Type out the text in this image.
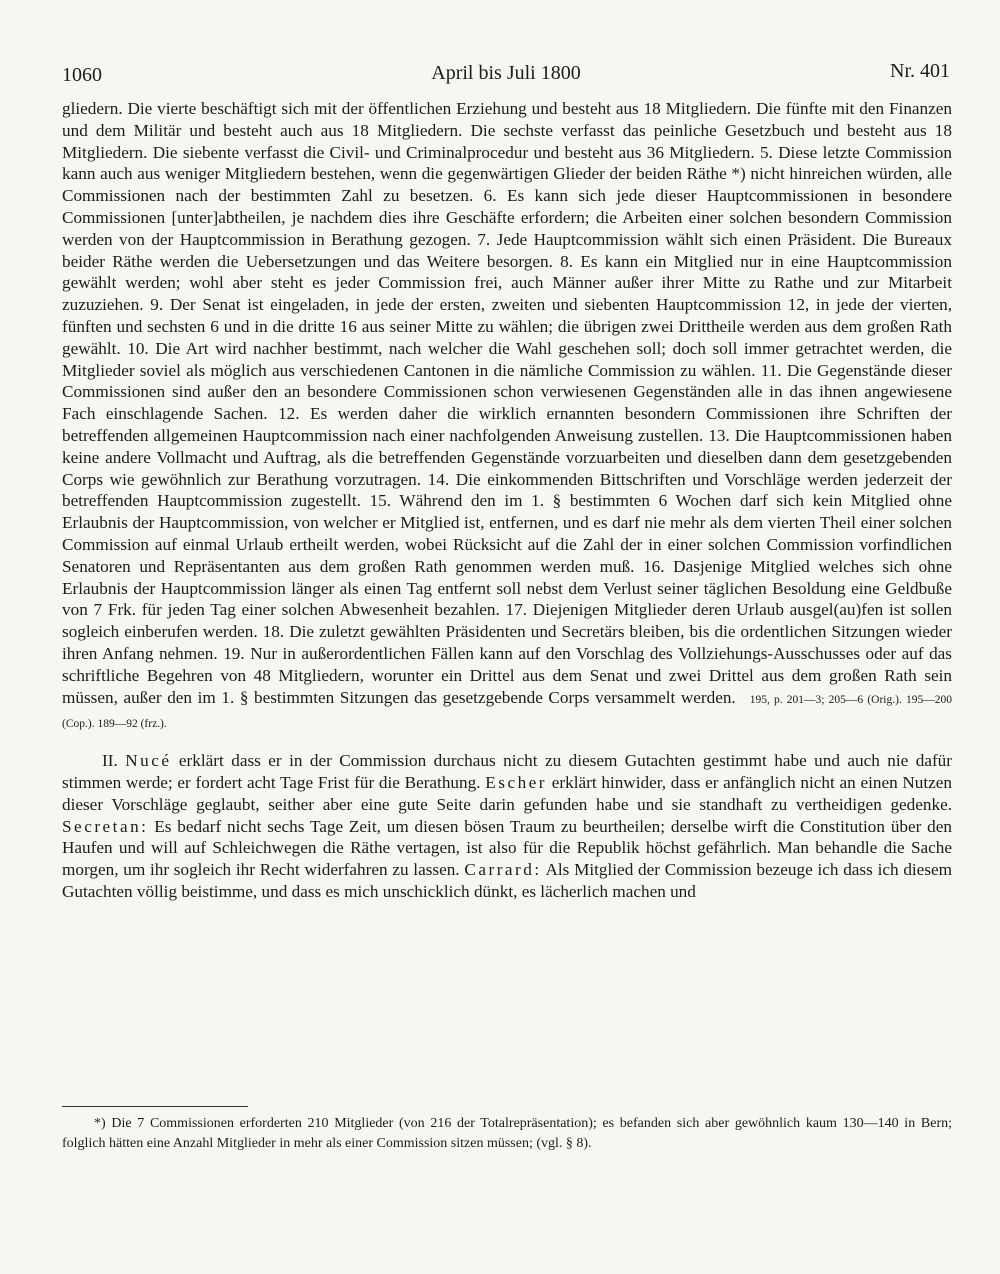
1060	April bis Juli 1800	Nr. 401

gliedern. Die vierte beschäftigt sich mit der öffentlichen Erziehung und besteht aus 18 Mitgliedern. Die fünfte mit den Finanzen und dem Militär und besteht auch aus 18 Mitgliedern. Die sechste verfasst das peinliche Gesetzbuch und besteht aus 18 Mitgliedern. Die siebente verfasst die Civil- und Criminalprocedur und besteht aus 36 Mitgliedern. 5. Diese letzte Commission kann auch aus weniger Mitgliedern bestehen, wenn die gegenwärtigen Glieder der beiden Räthe *) nicht hinreichen würden, alle Commissionen nach der bestimmten Zahl zu besetzen. 6. Es kann sich jede dieser Hauptcommissionen in besondere Commissionen [unter]abtheilen, je nachdem dies ihre Geschäfte erfordern; die Arbeiten einer solchen besondern Commission werden von der Hauptcommission in Berathung gezogen. 7. Jede Hauptcommission wählt sich einen Präsident. Die Bureaux beider Räthe werden die Uebersetzungen und das Weitere besorgen. 8. Es kann ein Mitglied nur in eine Hauptcommission gewählt werden; wohl aber steht es jeder Commission frei, auch Männer außer ihrer Mitte zu Rathe und zur Mitarbeit zuzuziehen. 9. Der Senat ist eingeladen, in jede der ersten, zweiten und siebenten Hauptcommission 12, in jede der vierten, fünften und sechsten 6 und in die dritte 16 aus seiner Mitte zu wählen; die übrigen zwei Drittheile werden aus dem großen Rath gewählt. 10. Die Art wird nachher bestimmt, nach welcher die Wahl geschehen soll; doch soll immer getrachtet werden, die Mitglieder soviel als möglich aus verschiedenen Cantonen in die nämliche Commission zu wählen. 11. Die Gegenstände dieser Commissionen sind außer den an besondere Commissionen schon verwiesenen Gegenständen alle in das ihnen angewiesene Fach einschlagende Sachen. 12. Es werden daher die wirklich ernannten besondern Commissionen ihre Schriften der betreffenden allgemeinen Hauptcommission nach einer nachfolgenden Anweisung zustellen. 13. Die Hauptcommissionen haben keine andere Vollmacht und Auftrag, als die betreffenden Gegenstände vorzuarbeiten und dieselben dann dem gesetzgebenden Corps wie gewöhnlich zur Berathung vorzutragen. 14. Die einkommenden Bittschriften und Vorschläge werden jederzeit der betreffenden Hauptcommission zugestellt. 15. Während den im 1. § bestimmten 6 Wochen darf sich kein Mitglied ohne Erlaubnis der Hauptcommission, von welcher er Mitglied ist, entfernen, und es darf nie mehr als dem vierten Theil einer solchen Commission auf einmal Urlaub ertheilt werden, wobei Rücksicht auf die Zahl der in einer solchen Commission vorfindlichen Senatoren und Repräsentanten aus dem großen Rath genommen werden muß. 16. Dasjenige Mitglied welches sich ohne Erlaubnis der Hauptcommission länger als einen Tag entfernt soll nebst dem Verlust seiner täglichen Besoldung eine Geldbuße von 7 Frk. für jeden Tag einer solchen Abwesenheit bezahlen. 17. Diejenigen Mitglieder deren Urlaub ausgel(au)fen ist sollen sogleich einberufen werden. 18. Die zuletzt gewählten Präsidenten und Secretärs bleiben, bis die ordentlichen Sitzungen wieder ihren Anfang nehmen. 19. Nur in außerordentlichen Fällen kann auf den Vorschlag des Vollziehungs-Ausschusses oder auf das schriftliche Begehren von 48 Mitgliedern, worunter ein Drittel aus dem Senat und zwei Drittel aus dem großen Rath sein müssen, außer den im 1. § bestimmten Sitzungen das gesetzgebende Corps versammelt werden. 195, p. 201—3; 205—6 (Orig.). 195—200 (Cop.). 189—92 (frz.).

II. Nucé erklärt dass er in der Commission durchaus nicht zu diesem Gutachten gestimmt habe und auch nie dafür stimmen werde; er fordert acht Tage Frist für die Berathung. Escher erklärt hinwider, dass er anfänglich nicht an einen Nutzen dieser Vorschläge geglaubt, seither aber eine gute Seite darin gefunden habe und sie standhaft zu vertheidigen gedenke. Secretan: Es bedarf nicht sechs Tage Zeit, um diesen bösen Traum zu beurtheilen; derselbe wirft die Constitution über den Haufen und will auf Schleichwegen die Räthe vertagen, ist also für die Republik höchst gefährlich. Man behandle die Sache morgen, um ihr sogleich ihr Recht widerfahren zu lassen. Carrard: Als Mitglied der Commission bezeuge ich dass ich diesem Gutachten völlig beistimme, und dass es mich unschicklich dünkt, es lächerlich machen und

*) Die 7 Commissionen erforderten 210 Mitglieder (von 216 der Totalrepräsentation); es befanden sich aber gewöhnlich kaum 130—140 in Bern; folglich hätten eine Anzahl Mitglieder in mehr als einer Commission sitzen müssen; (vgl. § 8).
